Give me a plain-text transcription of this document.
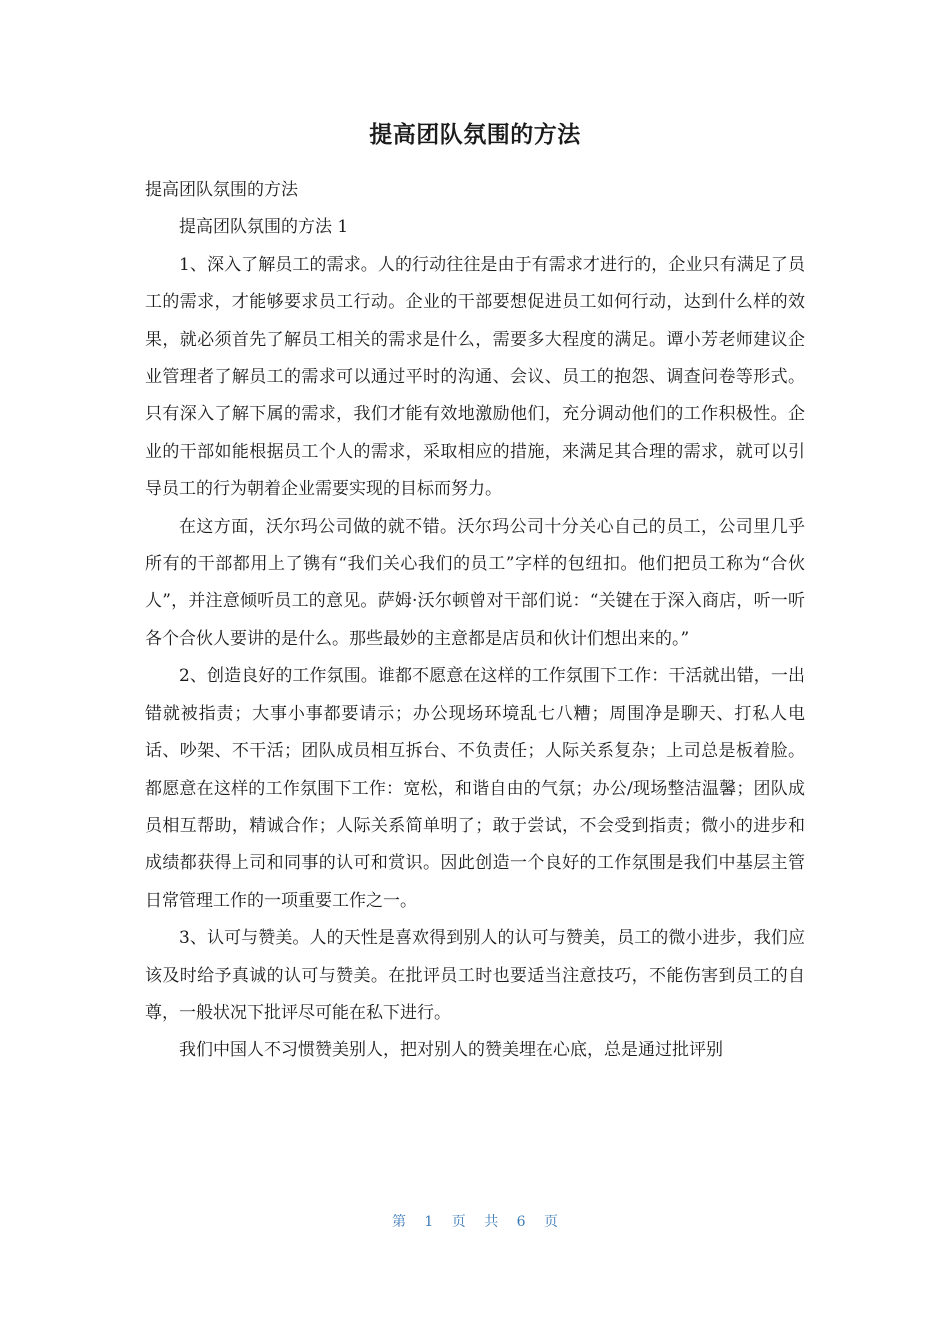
提高团队氛围的方法

提高团队氛围的方法

提高团队氛围的方法 1

1、深入了解员工的需求。人的行动往往是由于有需求才进行的，企业只有满足了员工的需求，才能够要求员工行动。企业的干部要想促进员工如何行动，达到什么样的效果，就必须首先了解员工相关的需求是什么，需要多大程度的满足。谭小芳老师建议企业管理者了解员工的需求可以通过平时的沟通、会议、员工的抱怨、调查问卷等形式。只有深入了解下属的需求，我们才能有效地激励他们，充分调动他们的工作积极性。企业的干部如能根据员工个人的需求，采取相应的措施，来满足其合理的需求，就可以引导员工的行为朝着企业需要实现的目标而努力。

在这方面，沃尔玛公司做的就不错。沃尔玛公司十分关心自己的员工，公司里几乎所有的干部都用上了镌有“我们关心我们的员工”字样的包纽扣。他们把员工称为“合伙人”，并注意倾听员工的意见。萨姆·沃尔顿曾对干部们说：“关键在于深入商店，听一听各个合伙人要讲的是什么。那些最妙的主意都是店员和伙计们想出来的。”

2、创造良好的工作氛围。谁都不愿意在这样的工作氛围下工作：干活就出错，一出错就被指责；大事小事都要请示；办公现场环境乱七八糟；周围净是聊天、打私人电话、吵架、不干活；团队成员相互拆台、不负责任；人际关系复杂；上司总是板着脸。都愿意在这样的工作氛围下工作：宽松，和谐自由的气氛；办公/现场整洁温馨；团队成员相互帮助，精诚合作；人际关系简单明了；敢于尝试，不会受到指责；微小的进步和成绩都获得上司和同事的认可和赏识。因此创造一个良好的工作氛围是我们中基层主管日常管理工作的一项重要工作之一。

3、认可与赞美。人的天性是喜欢得到别人的认可与赞美，员工的微小进步，我们应该及时给予真诚的认可与赞美。在批评员工时也要适当注意技巧，不能伤害到员工的自尊，一般状况下批评尽可能在私下进行。

我们中国人不习惯赞美别人，把对别人的赞美埋在心底，总是通过批评别

第 1 页 共 6 页
